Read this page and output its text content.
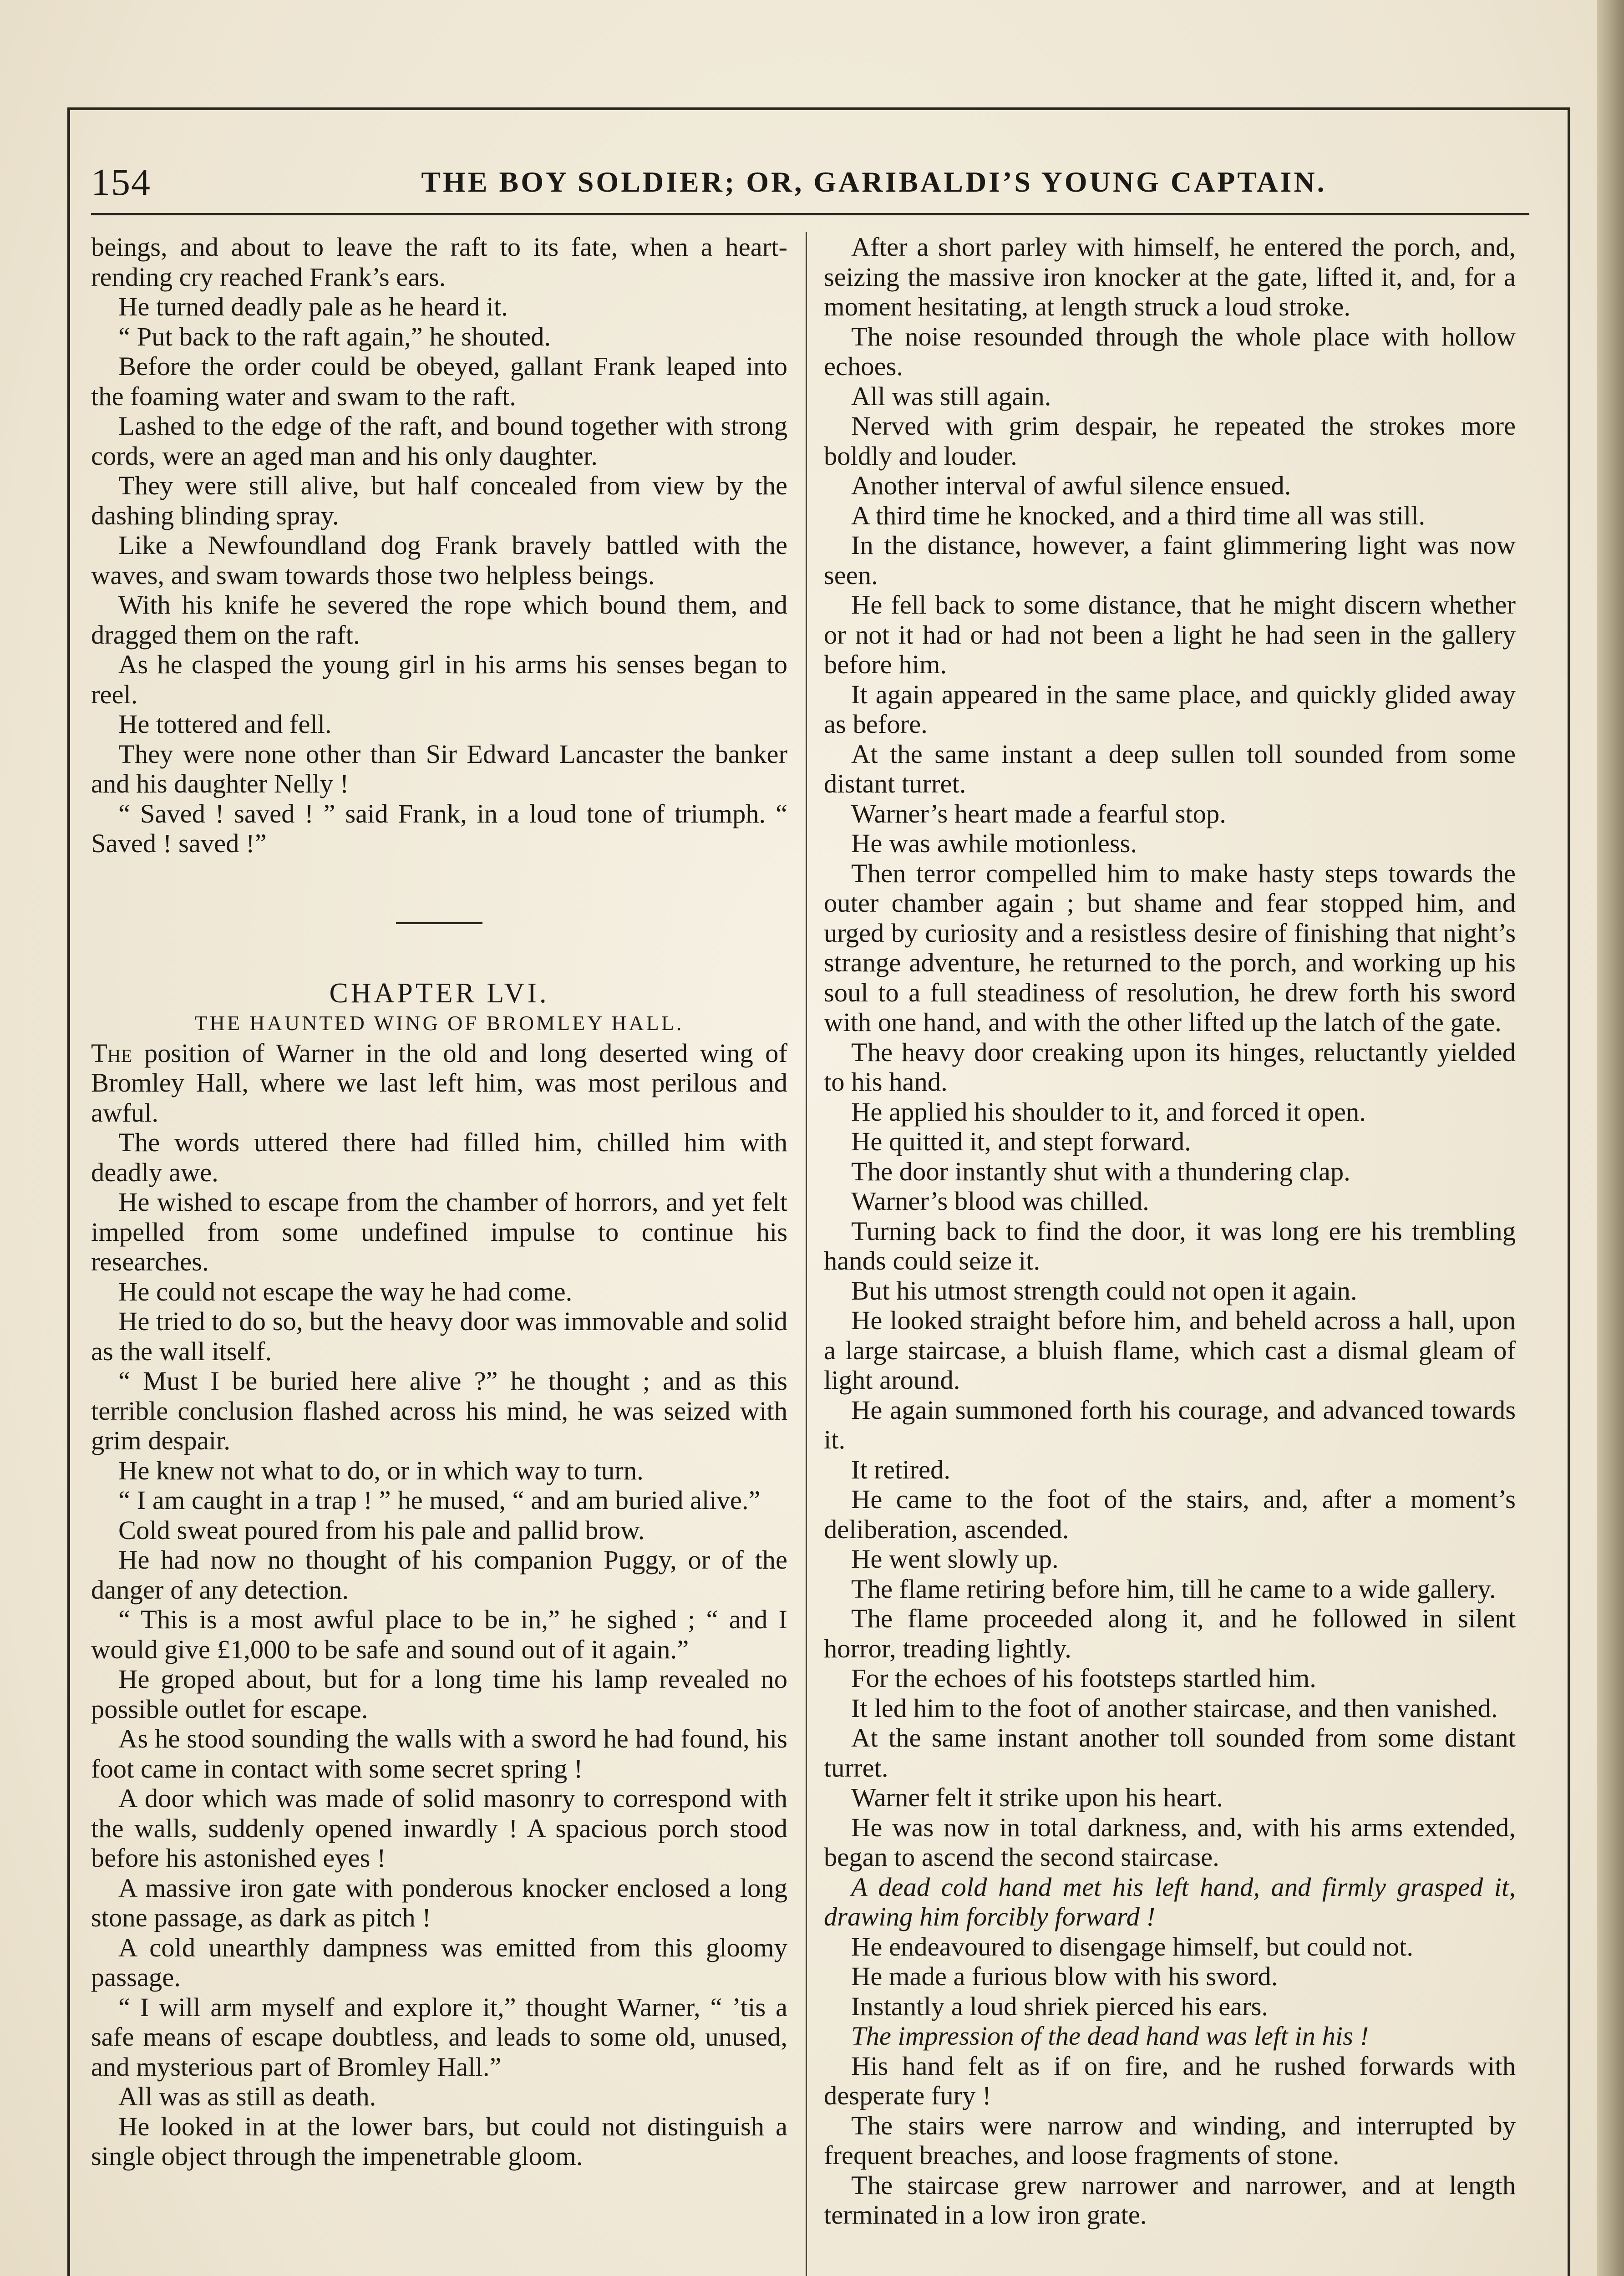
154	THE BOY SOLDIER; OR, GARIBALDI’S YOUNG CAPTAIN.

beings, and about to leave the raft to its fate, when a heart-rending cry reached Frank’s ears.

He turned deadly pale as he heard it.

“ Put back to the raft again,” he shouted.

Before the order could be obeyed, gallant Frank leaped into the foaming water and swam to the raft.

Lashed to the edge of the raft, and bound together with strong cords, were an aged man and his only daughter.

They were still alive, but half concealed from view by the dashing blinding spray.

Like a Newfoundland dog Frank bravely battled with the waves, and swam towards those two helpless beings.

With his knife he severed the rope which bound them, and dragged them on the raft.

As he clasped the young girl in his arms his senses began to reel.

He tottered and fell.

They were none other than Sir Edward Lancaster the banker and his daughter Nelly !

“ Saved ! saved ! ” said Frank, in a loud tone of triumph. “ Saved ! saved !”

CHAPTER LVI.

THE HAUNTED WING OF BROMLEY HALL.

The position of Warner in the old and long deserted wing of Bromley Hall, where we last left him, was most perilous and awful.

The words uttered there had filled him, chilled him with deadly awe.

He wished to escape from the chamber of horrors, and yet felt impelled from some undefined impulse to continue his researches.

He could not escape the way he had come.

He tried to do so, but the heavy door was immovable and solid as the wall itself.

“ Must I be buried here alive ?” he thought ; and as this terrible conclusion flashed across his mind, he was seized with grim despair.

He knew not what to do, or in which way to turn.

“ I am caught in a trap ! ” he mused, “ and am buried alive.”

Cold sweat poured from his pale and pallid brow.

He had now no thought of his companion Puggy, or of the danger of any detection.

“ This is a most awful place to be in,” he sighed ; “ and I would give £1,000 to be safe and sound out of it again.”

He groped about, but for a long time his lamp revealed no possible outlet for escape.

As he stood sounding the walls with a sword he had found, his foot came in contact with some secret spring !

A door which was made of solid masonry to correspond with the walls, suddenly opened inwardly ! A spacious porch stood before his astonished eyes !

A massive iron gate with ponderous knocker enclosed a long stone passage, as dark as pitch !

A cold unearthly dampness was emitted from this gloomy passage.

“ I will arm myself and explore it,” thought Warner, “ ’tis a safe means of escape doubtless, and leads to some old, unused, and mysterious part of Bromley Hall.”

All was as still as death.

He looked in at the lower bars, but could not distinguish a single object through the impenetrable gloom.

After a short parley with himself, he entered the porch, and, seizing the massive iron knocker at the gate, lifted it, and, for a moment hesitating, at length struck a loud stroke.

The noise resounded through the whole place with hollow echoes.

All was still again.

Nerved with grim despair, he repeated the strokes more boldly and louder.

Another interval of awful silence ensued.

A third time he knocked, and a third time all was still.

In the distance, however, a faint glimmering light was now seen.

He fell back to some distance, that he might discern whether or not it had or had not been a light he had seen in the gallery before him.

It again appeared in the same place, and quickly glided away as before.

At the same instant a deep sullen toll sounded from some distant turret.

Warner’s heart made a fearful stop.

He was awhile motionless.

Then terror compelled him to make hasty steps towards the outer chamber again ; but shame and fear stopped him, and urged by curiosity and a resistless desire of finishing that night’s strange adventure, he returned to the porch, and working up his soul to a full steadiness of resolution, he drew forth his sword with one hand, and with the other lifted up the latch of the gate.

The heavy door creaking upon its hinges, reluctantly yielded to his hand.

He applied his shoulder to it, and forced it open.

He quitted it, and stept forward.

The door instantly shut with a thundering clap.

Warner’s blood was chilled.

Turning back to find the door, it was long ere his trembling hands could seize it.

But his utmost strength could not open it again.

He looked straight before him, and beheld across a hall, upon a large staircase, a bluish flame, which cast a dismal gleam of light around.

He again summoned forth his courage, and advanced towards it.

It retired.

He came to the foot of the stairs, and, after a moment’s deliberation, ascended.

He went slowly up.

The flame retiring before him, till he came to a wide gallery.

The flame proceeded along it, and he followed in silent horror, treading lightly.

For the echoes of his footsteps startled him.

It led him to the foot of another staircase, and then vanished.

At the same instant another toll sounded from some distant turret.

Warner felt it strike upon his heart.

He was now in total darkness, and, with his arms extended, began to ascend the second staircase.

A dead cold hand met his left hand, and firmly grasped it, drawing him forcibly forward !

He endeavoured to disengage himself, but could not.

He made a furious blow with his sword.

Instantly a loud shriek pierced his ears.

The impression of the dead hand was left in his !

His hand felt as if on fire, and he rushed forwards with desperate fury !

The stairs were narrow and winding, and interrupted by frequent breaches, and loose fragments of stone.

The staircase grew narrower and narrower, and at length terminated in a low iron grate.
